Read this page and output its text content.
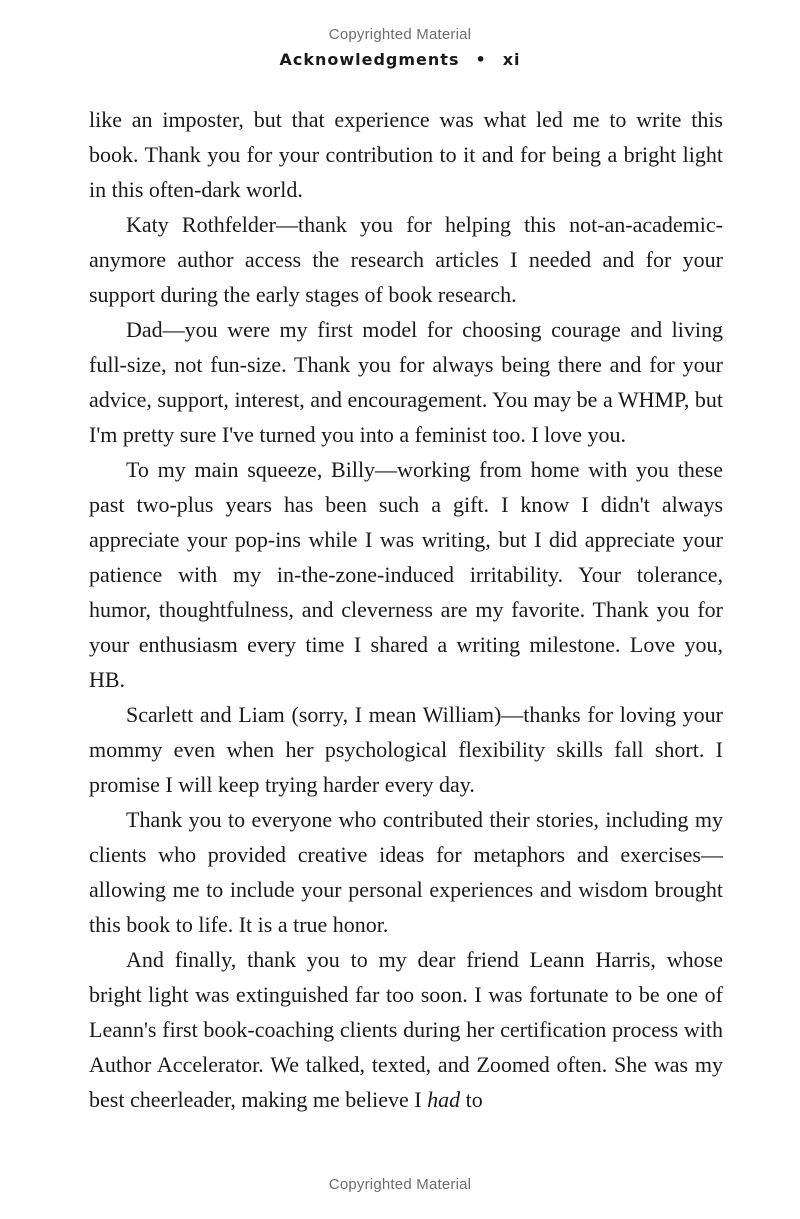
Copyrighted Material
Acknowledgments • xi

like an imposter, but that experience was what led me to write this book. Thank you for your contribution to it and for being a bright light in this often-dark world.

Katy Rothfelder—thank you for helping this not-an-academic-anymore author access the research articles I needed and for your support during the early stages of book research.

Dad—you were my first model for choosing courage and living full-size, not fun-size. Thank you for always being there and for your advice, support, interest, and encouragement. You may be a WHMP, but I'm pretty sure I've turned you into a feminist too. I love you.

To my main squeeze, Billy—working from home with you these past two-plus years has been such a gift. I know I didn't always appreciate your pop-ins while I was writing, but I did appreciate your patience with my in-the-zone-induced irritability. Your tolerance, humor, thoughtfulness, and cleverness are my favorite. Thank you for your enthusiasm every time I shared a writing milestone. Love you, HB.

Scarlett and Liam (sorry, I mean William)—thanks for loving your mommy even when her psychological flexibility skills fall short. I promise I will keep trying harder every day.

Thank you to everyone who contributed their stories, including my clients who provided creative ideas for metaphors and exercises—allowing me to include your personal experiences and wisdom brought this book to life. It is a true honor.

And finally, thank you to my dear friend Leann Harris, whose bright light was extinguished far too soon. I was fortunate to be one of Leann's first book-coaching clients during her certification process with Author Accelerator. We talked, texted, and Zoomed often. She was my best cheerleader, making me believe I had to

Copyrighted Material
